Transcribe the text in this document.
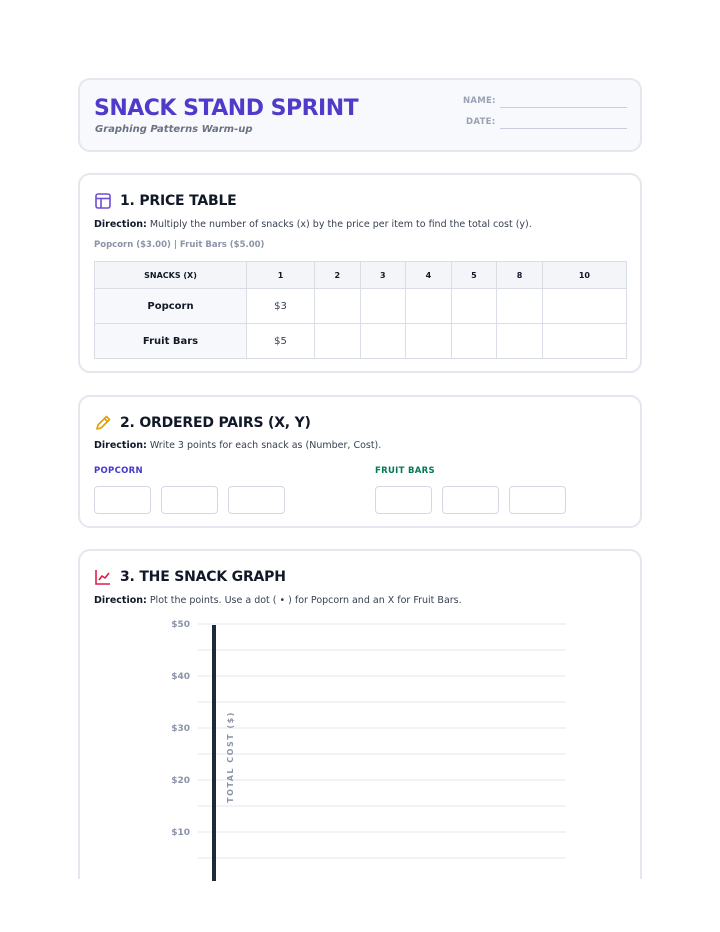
SNACK STAND SPRINT
Graphing Patterns Warm-up
NAME:
DATE:
1. PRICE TABLE
Direction: Multiply the number of snacks (x) by the price per item to find the total cost (y).
Popcorn ($3.00) | Fruit Bars ($5.00)
SNACKS (X)	1	2	3	4	5	8	10
Popcorn	$3						
Fruit Bars	$5						
2. ORDERED PAIRS (X, Y)
Direction: Write 3 points for each snack as (Number, Cost).
POPCORN	FRUIT BARS
3. THE SNACK GRAPH
Direction: Plot the points. Use a dot ( • ) for Popcorn and an X for Fruit Bars.
$50
$40
$30
$20
$10
TOTAL COST ($)
